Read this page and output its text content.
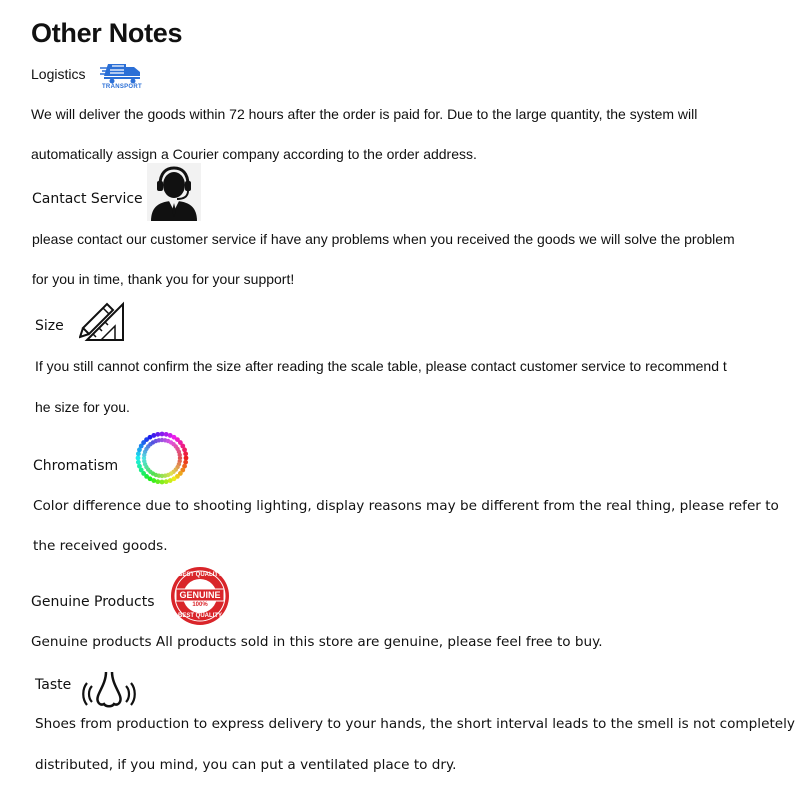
Other Notes
Logistics
TRANSPORT
We will deliver the goods within 72 hours after the order is paid for. Due to the large quantity, the system will
automatically assign a Courier company according to the order address.
Cantact Service
please contact our customer service if have any problems when you received the goods we will solve the problem
for you in time, thank you for your support!
Size
If you still cannot confirm the size after reading the scale table, please contact customer service to recommend t
he size for you.
Chromatism
Color difference due to shooting lighting, display reasons may be different from the real thing, please refer to
the received goods.
Genuine Products
BEST QUALITY
GENUINE
100%
BEST QUALITY
Genuine products All products sold in this store are genuine, please feel free to buy.
Taste
Shoes from production to express delivery to your hands, the short interval leads to the smell is not completely
distributed, if you mind, you can put a ventilated place to dry.
